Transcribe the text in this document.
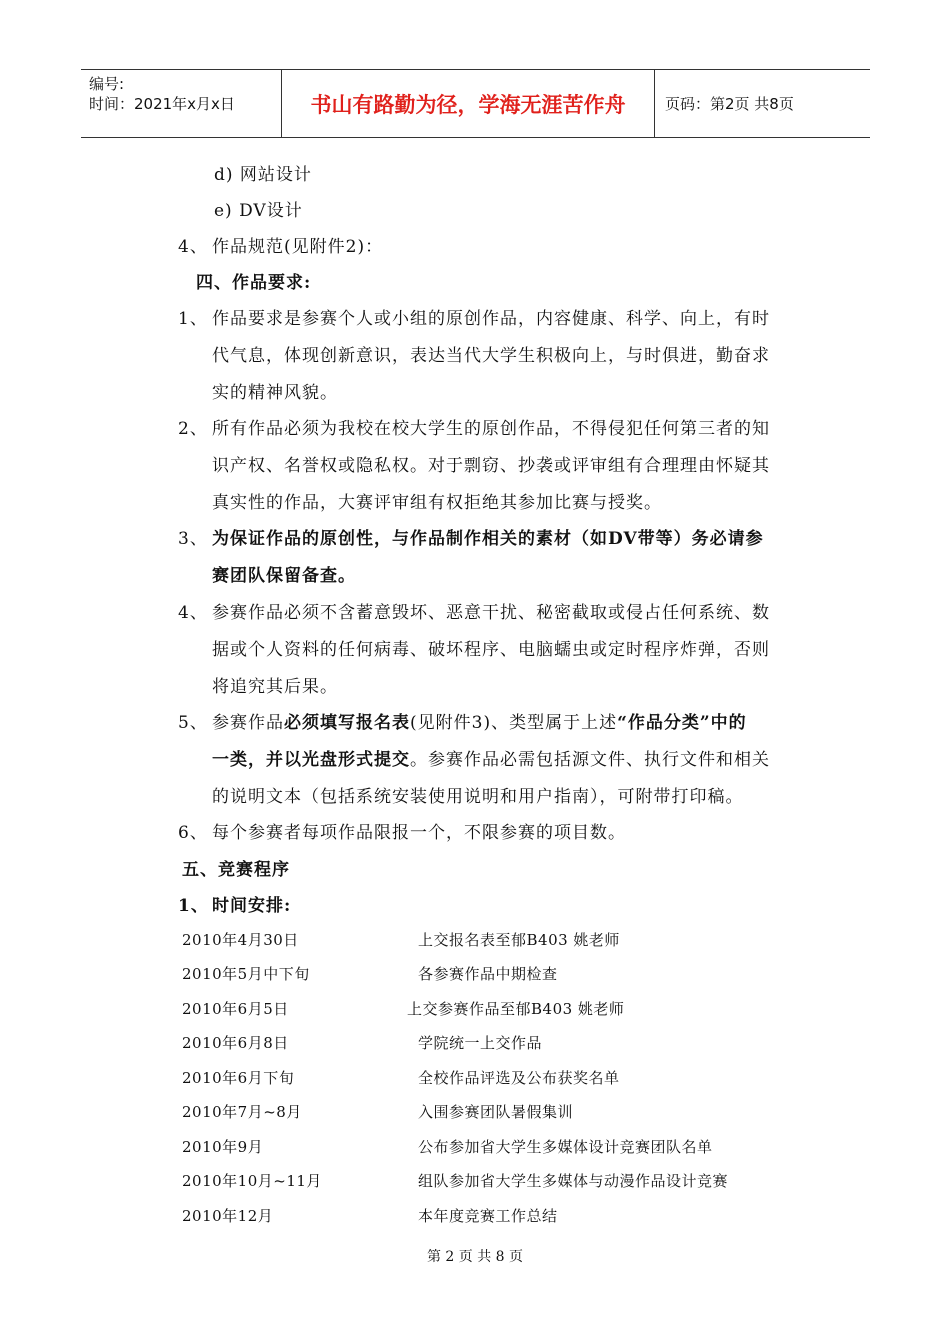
编号:
时间：2021年x月x日	书山有路勤为径，学海无涯苦作舟	页码：第2页 共8页
d) 网站设计
e) DV设计
4、 作品规范(见附件2)：
四、作品要求:
1、 作品要求是参赛个人或小组的原创作品，内容健康、科学、向上，有时
代气息，体现创新意识，表达当代大学生积极向上，与时俱进，勤奋求
实的精神风貌。
2、 所有作品必须为我校在校大学生的原创作品，不得侵犯任何第三者的知
识产权、名誉权或隐私权。对于剽窃、抄袭或评审组有合理理由怀疑其
真实性的作品，大赛评审组有权拒绝其参加比赛与授奖。
3、 为保证作品的原创性，与作品制作相关的素材（如DV带等）务必请参
赛团队保留备查。
4、 参赛作品必须不含蓄意毁坏、恶意干扰、秘密截取或侵占任何系统、数
据或个人资料的任何病毒、破坏程序、电脑蠕虫或定时程序炸弹，否则
将追究其后果。
5、 参赛作品必须填写报名表(见附件3)、类型属于上述“作品分类”中的
一类，并以光盘形式提交。参赛作品必需包括源文件、执行文件和相关
的说明文本（包括系统安装使用说明和用户指南），可附带打印稿。
6、 每个参赛者每项作品限报一个，不限参赛的项目数。
五、竞赛程序
1、 时间安排:
2010年4月30日	上交报名表至郁B403 姚老师
2010年5月中下旬	各参赛作品中期检查
2010年6月5日	上交参赛作品至郁B403 姚老师
2010年6月8日	学院统一上交作品
2010年6月下旬	全校作品评选及公布获奖名单
2010年7月~8月	入围参赛团队暑假集训
2010年9月	公布参加省大学生多媒体设计竞赛团队名单
2010年10月~11月	组队参加省大学生多媒体与动漫作品设计竞赛
2010年12月	本年度竞赛工作总结
第 2 页 共 8 页
